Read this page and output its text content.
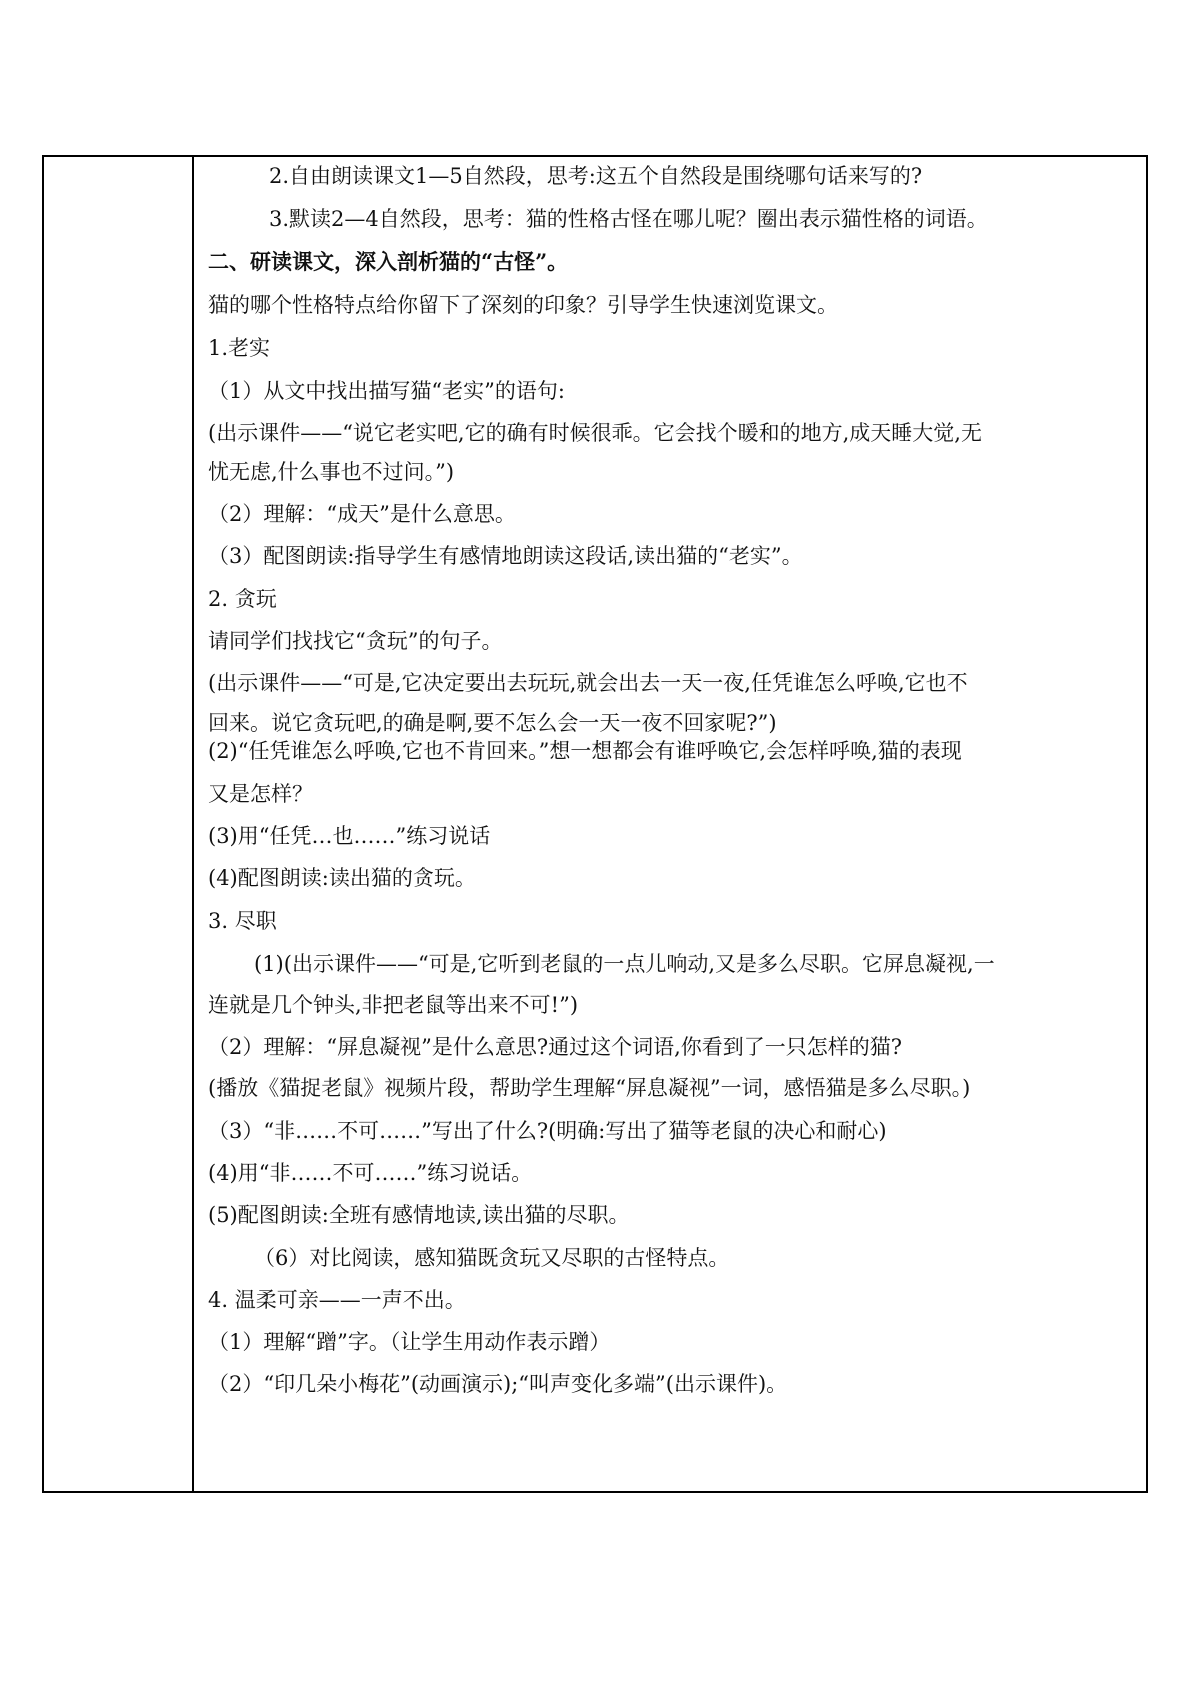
2.自由朗读课文1—5自然段，思考:这五个自然段是围绕哪句话来写的?
3.默读2—4自然段，思考：猫的性格古怪在哪儿呢？圈出表示猫性格的词语。
二、研读课文，深入剖析猫的“古怪”。
猫的哪个性格特点给你留下了深刻的印象？引导学生快速浏览课文。
1.老实
（1）从文中找出描写猫“老实”的语句:
(出示课件——“说它老实吧,它的确有时候很乖。它会找个暖和的地方,成天睡大觉,无
忧无虑,什么事也不过问。”)
（2）理解：“成天”是什么意思。
（3）配图朗读:指导学生有感情地朗读这段话,读出猫的“老实”。
2. 贪玩
请同学们找找它“贪玩”的句子。
(出示课件——“可是,它决定要出去玩玩,就会出去一天一夜,任凭谁怎么呼唤,它也不
回来。说它贪玩吧,的确是啊,要不怎么会一天一夜不回家呢?”)
(2)“任凭谁怎么呼唤,它也不肯回来。”想一想都会有谁呼唤它,会怎样呼唤,猫的表现
又是怎样？
(3)用“任凭…也……”练习说话
(4)配图朗读:读出猫的贪玩。
3. 尽职
(1)(出示课件——“可是,它听到老鼠的一点儿响动,又是多么尽职。它屏息凝视,一
连就是几个钟头,非把老鼠等出来不可!”)
（2）理解：“屏息凝视”是什么意思?通过这个词语,你看到了一只怎样的猫?
(播放《猫捉老鼠》视频片段，帮助学生理解“屏息凝视”一词，感悟猫是多么尽职。)
（3）“非……不可……”写出了什么?(明确:写出了猫等老鼠的决心和耐心)
(4)用“非……不可……”练习说话。
(5)配图朗读:全班有感情地读,读出猫的尽职。
（6）对比阅读，感知猫既贪玩又尽职的古怪特点。
4. 温柔可亲——一声不出。
（1）理解“蹭”字。（让学生用动作表示蹭）
（2）“印几朵小梅花”(动画演示);“叫声变化多端”(出示课件)。
